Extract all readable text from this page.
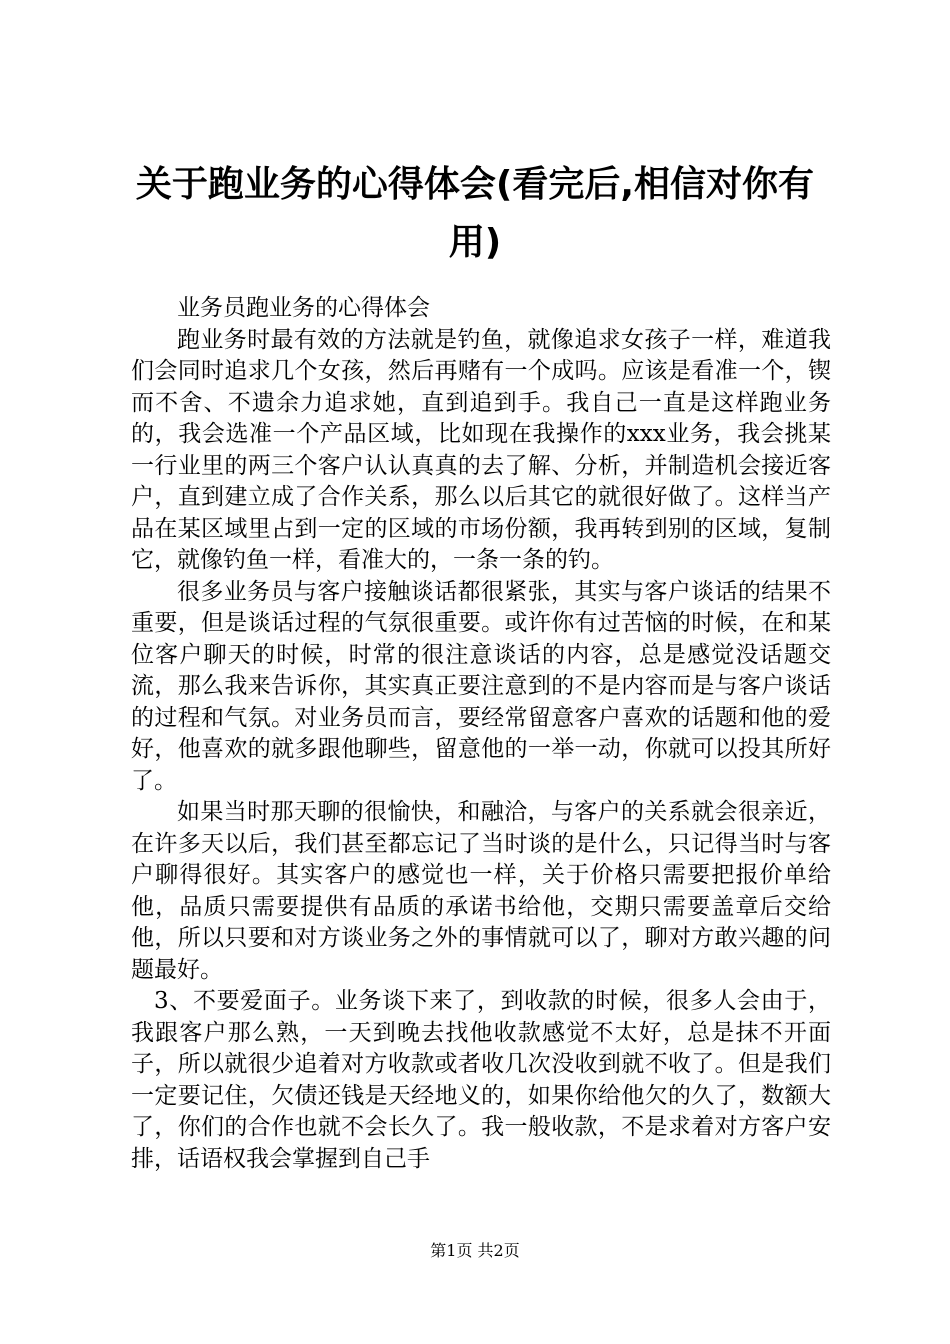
关于跑业务的心得体会(看完后,相信对你有用)

业务员跑业务的心得体会

跑业务时最有效的方法就是钓鱼，就像追求女孩子一样，难道我们会同时追求几个女孩，然后再赌有一个成吗。应该是看准一个，锲而不舍、不遗余力追求她，直到追到手。我自己一直是这样跑业务的，我会选准一个产品区域，比如现在我操作的xxx业务，我会挑某一行业里的两三个客户认认真真的去了解、分析，并制造机会接近客户，直到建立成了合作关系，那么以后其它的就很好做了。这样当产品在某区域里占到一定的区域的市场份额，我再转到别的区域，复制它，就像钓鱼一样，看准大的，一条一条的钓。

很多业务员与客户接触谈话都很紧张，其实与客户谈话的结果不重要，但是谈话过程的气氛很重要。或许你有过苦恼的时候，在和某位客户聊天的时候，时常的很注意谈话的内容，总是感觉没话题交流，那么我来告诉你，其实真正要注意到的不是内容而是与客户谈话的过程和气氛。对业务员而言，要经常留意客户喜欢的话题和他的爱好，他喜欢的就多跟他聊些，留意他的一举一动，你就可以投其所好了。

如果当时那天聊的很愉快，和融洽，与客户的关系就会很亲近，在许多天以后，我们甚至都忘记了当时谈的是什么，只记得当时与客户聊得很好。其实客户的感觉也一样，关于价格只需要把报价单给他，品质只需要提供有品质的承诺书给他，交期只需要盖章后交给他，所以只要和对方谈业务之外的事情就可以了，聊对方敢兴趣的问题最好。

3、不要爱面子。业务谈下来了，到收款的时候，很多人会由于，我跟客户那么熟，一天到晚去找他收款感觉不太好，总是抹不开面子，所以就很少追着对方收款或者收几次没收到就不收了。但是我们一定要记住，欠债还钱是天经地义的，如果你给他欠的久了，数额大了，你们的合作也就不会长久了。我一般收款，不是求着对方客户安排，话语权我会掌握到自己手

第1页 共2页
